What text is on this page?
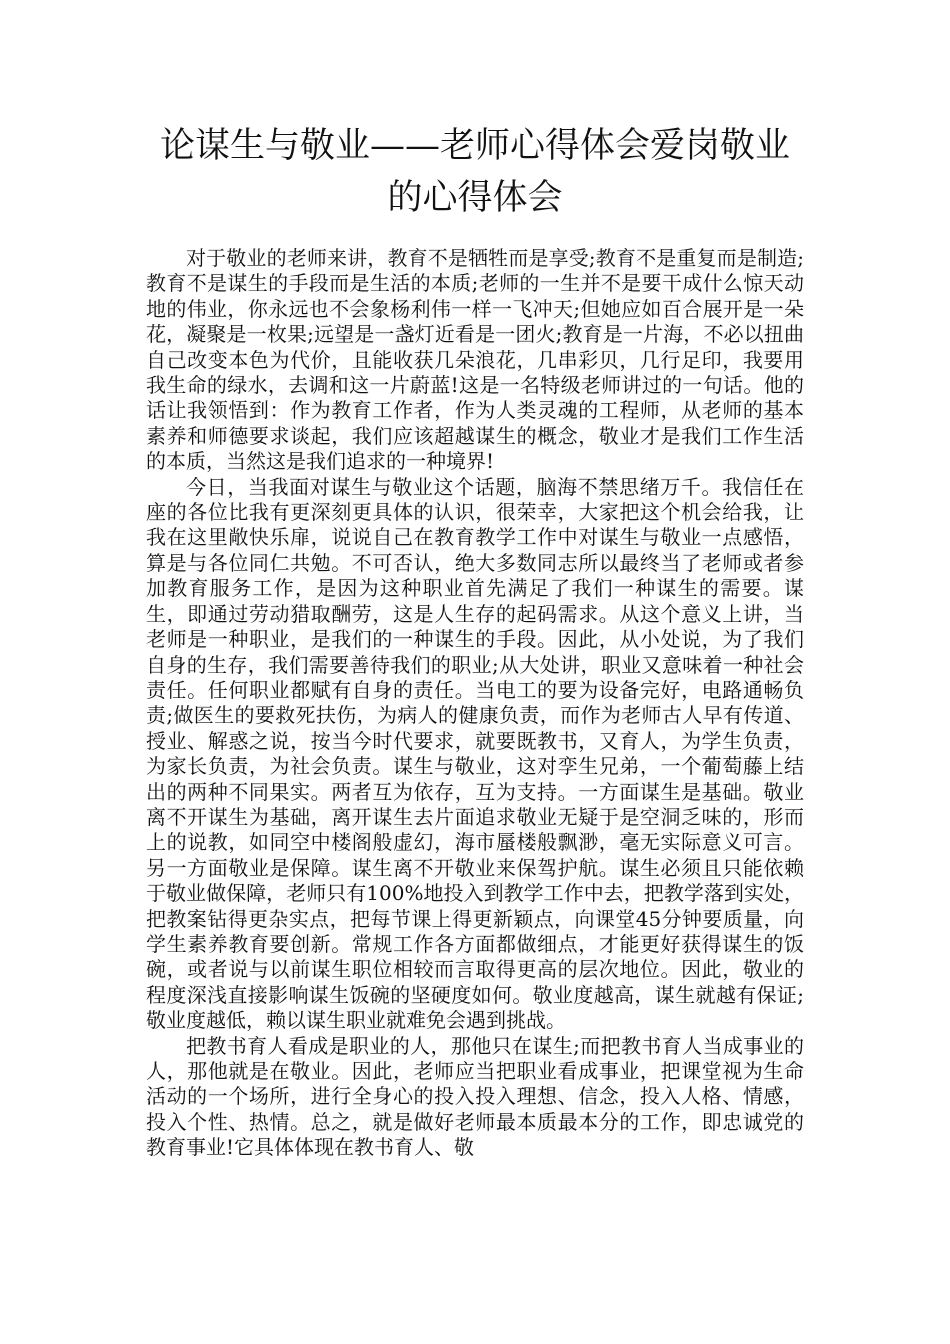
论谋生与敬业——老师心得体会爱岗敬业
的心得体会

对于敬业的老师来讲，教育不是牺牲而是享受;教育不是重复而是制造;教育不是谋生的手段而是生活的本质;老师的一生并不是要干成什么惊天动地的伟业，你永远也不会象杨利伟一样一飞冲天;但她应如百合展开是一朵花，凝聚是一枚果;远望是一盏灯近看是一团火;教育是一片海，不必以扭曲自己改变本色为代价，且能收获几朵浪花，几串彩贝，几行足印，我要用我生命的绿水，去调和这一片蔚蓝!这是一名特级老师讲过的一句话。他的话让我领悟到：作为教育工作者，作为人类灵魂的工程师，从老师的基本素养和师德要求谈起，我们应该超越谋生的概念，敬业才是我们工作生活的本质，当然这是我们追求的一种境界!

今日，当我面对谋生与敬业这个话题，脑海不禁思绪万千。我信任在座的各位比我有更深刻更具体的认识，很荣幸，大家把这个机会给我，让我在这里敞快乐扉，说说自己在教育教学工作中对谋生与敬业一点感悟，算是与各位同仁共勉。不可否认，绝大多数同志所以最终当了老师或者参加教育服务工作，是因为这种职业首先满足了我们一种谋生的需要。谋生，即通过劳动猎取酬劳，这是人生存的起码需求。从这个意义上讲，当老师是一种职业，是我们的一种谋生的手段。因此，从小处说，为了我们自身的生存，我们需要善待我们的职业;从大处讲，职业又意味着一种社会责任。任何职业都赋有自身的责任。当电工的要为设备完好，电路通畅负责;做医生的要救死扶伤，为病人的健康负责，而作为老师古人早有传道、授业、解惑之说，按当今时代要求，就要既教书，又育人，为学生负责，为家长负责，为社会负责。谋生与敬业，这对孪生兄弟，一个葡萄藤上结出的两种不同果实。两者互为依存，互为支持。一方面谋生是基础。敬业离不开谋生为基础，离开谋生去片面追求敬业无疑于是空洞乏味的，形而上的说教，如同空中楼阁般虚幻，海市蜃楼般飘渺，毫无实际意义可言。另一方面敬业是保障。谋生离不开敬业来保驾护航。谋生必须且只能依赖于敬业做保障，老师只有100%地投入到教学工作中去，把教学落到实处，把教案钻得更杂实点，把每节课上得更新颖点，向课堂45分钟要质量，向学生素养教育要创新。常规工作各方面都做细点，才能更好获得谋生的饭碗，或者说与以前谋生职位相较而言取得更高的层次地位。因此，敬业的程度深浅直接影响谋生饭碗的坚硬度如何。敬业度越高，谋生就越有保证;敬业度越低，赖以谋生职业就难免会遇到挑战。

把教书育人看成是职业的人，那他只在谋生;而把教书育人当成事业的人，那他就是在敬业。因此，老师应当把职业看成事业，把课堂视为生命活动的一个场所，进行全身心的投入投入理想、信念，投入人格、情感，投入个性、热情。总之，就是做好老师最本质最本分的工作，即忠诚党的教育事业!它具体体现在教书育人、敬
